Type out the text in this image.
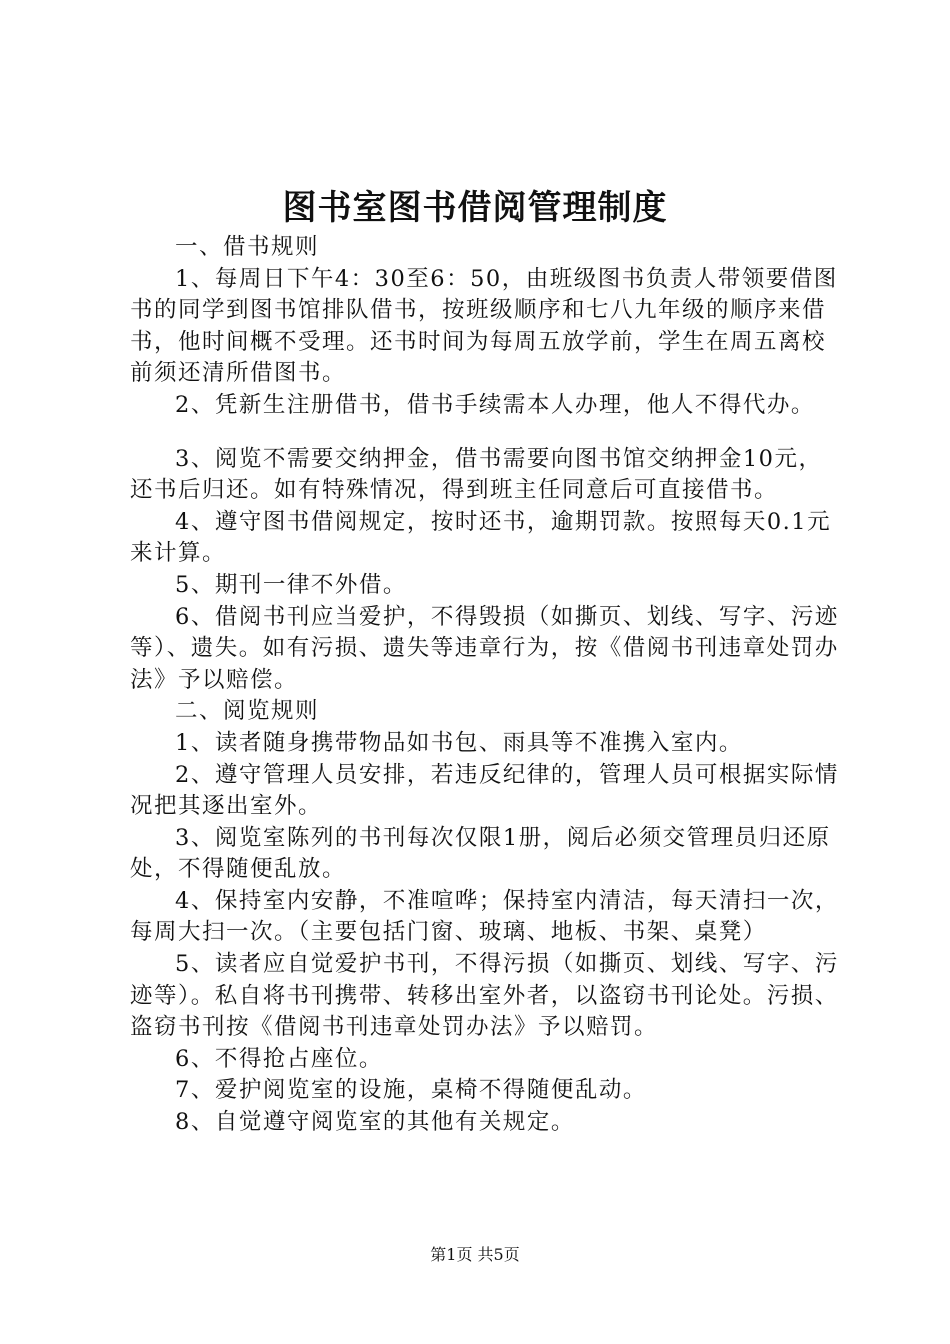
图书室图书借阅管理制度

一、借书规则

1、每周日下午4：30至6：50，由班级图书负责人带领要借图书的同学到图书馆排队借书，按班级顺序和七八九年级的顺序来借书，他时间概不受理。还书时间为每周五放学前，学生在周五离校前须还清所借图书。

2、凭新生注册借书，借书手续需本人办理，他人不得代办。

3、阅览不需要交纳押金，借书需要向图书馆交纳押金10元，还书后归还。如有特殊情况，得到班主任同意后可直接借书。

4、遵守图书借阅规定，按时还书，逾期罚款。按照每天0.1元来计算。

5、期刊一律不外借。

6、借阅书刊应当爱护，不得毁损（如撕页、划线、写字、污迹等）、遗失。如有污损、遗失等违章行为，按《借阅书刊违章处罚办法》予以赔偿。

二、阅览规则

1、读者随身携带物品如书包、雨具等不准携入室内。

2、遵守管理人员安排，若违反纪律的，管理人员可根据实际情况把其逐出室外。

3、阅览室陈列的书刊每次仅限1册，阅后必须交管理员归还原处，不得随便乱放。

4、保持室内安静，不准喧哗；保持室内清洁，每天清扫一次，每周大扫一次。（主要包括门窗、玻璃、地板、书架、桌凳）

5、读者应自觉爱护书刊，不得污损（如撕页、划线、写字、污迹等）。私自将书刊携带、转移出室外者，以盗窃书刊论处。污损、盗窃书刊按《借阅书刊违章处罚办法》予以赔罚。

6、不得抢占座位。

7、爱护阅览室的设施，桌椅不得随便乱动。

8、自觉遵守阅览室的其他有关规定。

第1页 共5页
